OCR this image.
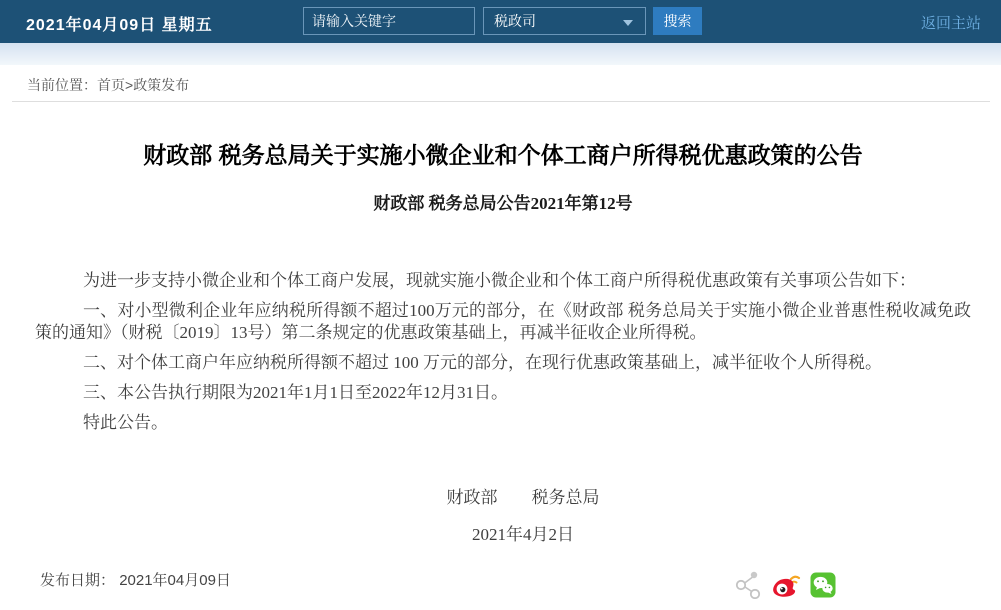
2021年04月09日 星期五
请输入关键字	税政司	搜索	返回主站
当前位置：首页>政策发布
财政部 税务总局关于实施小微企业和个体工商户所得税优惠政策的公告
财政部 税务总局公告2021年第12号

为进一步支持小微企业和个体工商户发展，现就实施小微企业和个体工商户所得税优惠政策有关事项公告如下：

一、对小型微利企业年应纳税所得额不超过100万元的部分，在《财政部 税务总局关于实施小微企业普惠性税收减免政策的通知》（财税〔2019〕13号）第二条规定的优惠政策基础上，再减半征收企业所得税。

二、对个体工商户年应纳税所得额不超过 100 万元的部分，在现行优惠政策基础上，减半征收个人所得税。

三、本公告执行期限为2021年1月1日至2022年12月31日。

特此公告。

财政部　　税务总局
2021年4月2日
发布日期： 2021年04月09日
